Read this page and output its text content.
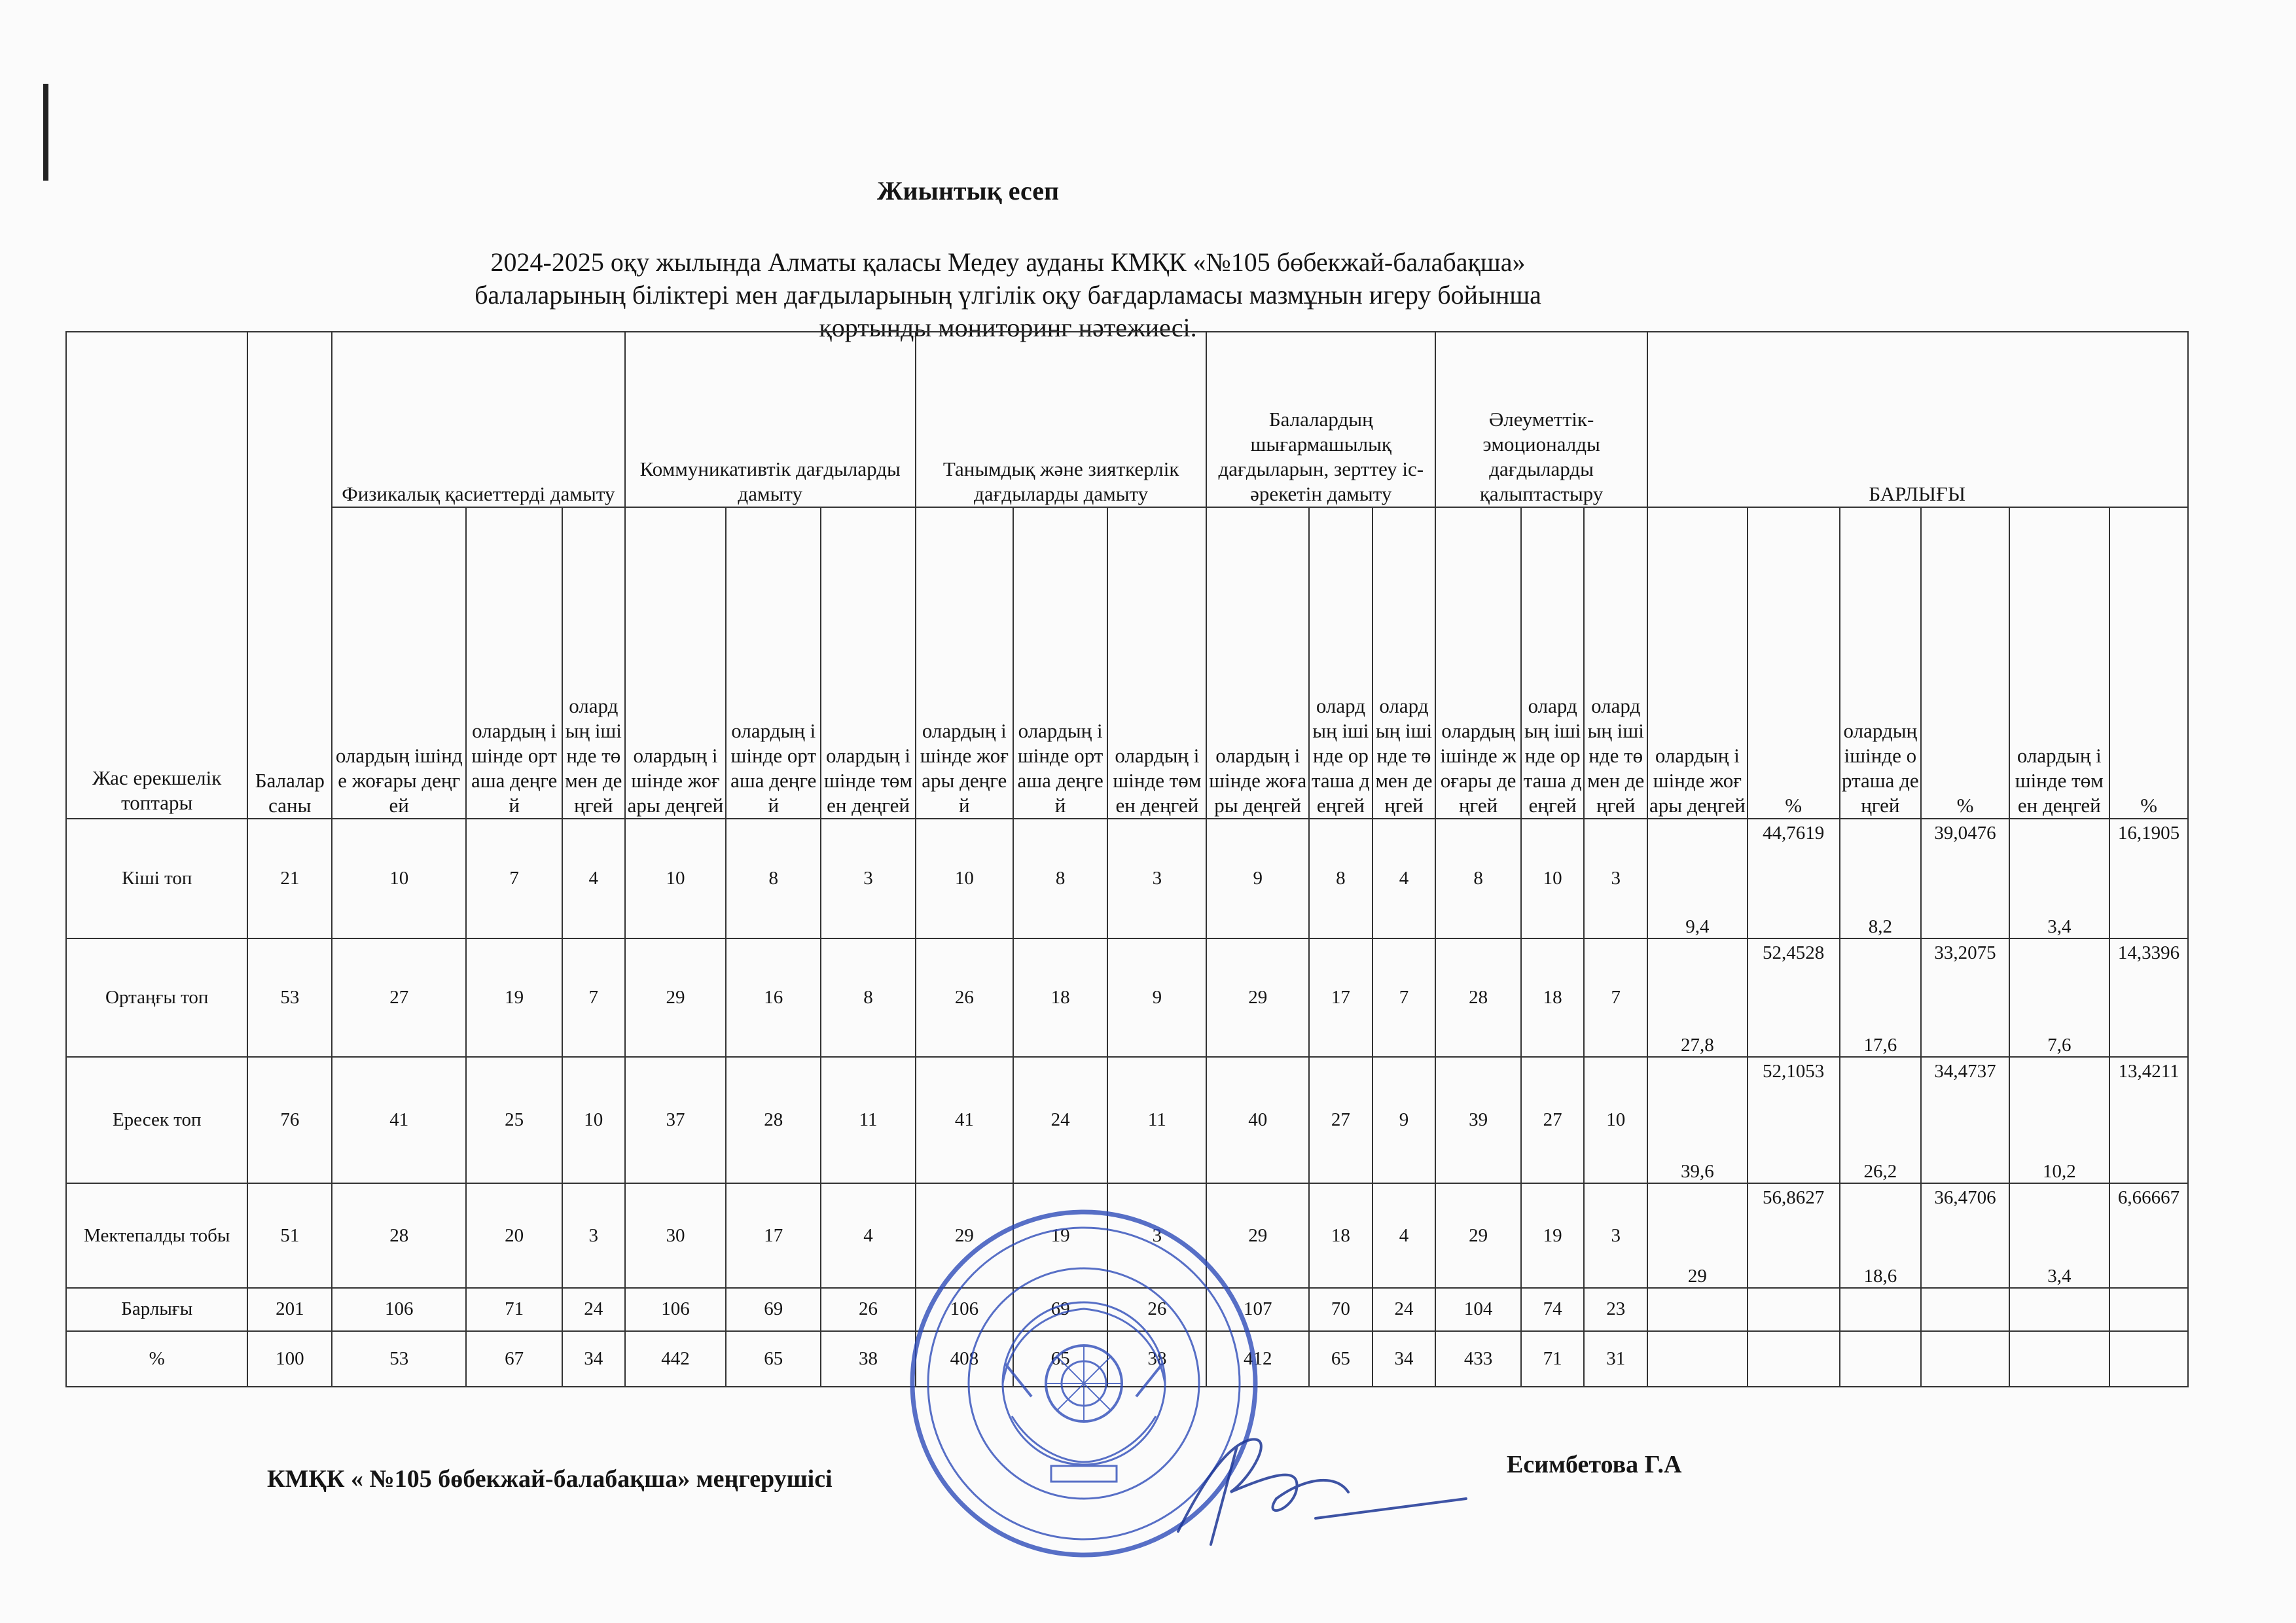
Жиынтық есеп
2024-2025 оқу жылында Алматы қаласы Медеу ауданы КМҚК «№105 бөбекжай-балабақша»
балаларының біліктері мен дағдыларының үлгілік оқу бағдарламасы мазмұнын игеру бойынша
қортынды мониторинг нәтежиесі.
Жас ерекшелік топтары	Балалар саны	Физикалық қасиеттерді дамыту			Коммуникативтік дағдыларды дамыту			Танымдық және зияткерлік дағдыларды дамыту			Балалардың шығармашылық дағдыларын, зерттеу іс-әрекетін дамыту			Әлеуметтік-эмоционалды дағдыларды қалыптастыру			БАРЛЫҒЫ					
		олардың ішінде жоғары деңгей	олардың ішінде орташа деңгей	олардың ішінде төмен деңгей	олардың ішінде жоғары деңгей	олардың ішінде орташа деңгей	олардың ішінде төмен деңгей	олардың ішінде жоғары деңгей	олардың ішінде орташа деңгей	олардың ішінде төмен деңгей	олардың ішінде жоғары деңгей	олардың ішінде орташа деңгей	олардың ішінде төмен деңгей	олардың ішінде жоғары деңгей	олардың ішінде орташа деңгей	олардың ішінде төмен деңгей	олардың ішінде жоғары деңгей	%	олардың ішінде орташа деңгей	%	олардың ішінде төмен деңгей	%
Кіші топ	21	10	7	4	10	8	3	10	8	3	9	8	4	8	10	3	9,4	44,7619	8,2	39,0476	3,4	16,1905
Ортаңғы топ	53	27	19	7	29	16	8	26	18	9	29	17	7	28	18	7	27,8	52,4528	17,6	33,2075	7,6	14,3396
Ересек топ	76	41	25	10	37	28	11	41	24	11	40	27	9	39	27	10	39,6	52,1053	26,2	34,4737	10,2	13,4211
Мектепалды тобы	51	28	20	3	30	17	4	29	19	3	29	18	4	29	19	3	29	56,8627	18,6	36,4706	3,4	6,66667
Барлығы	201	106	71	24	106	69	26	106	69	26	107	70	24	104	74	23						
%	100	53	67	34	442	65	38	408	65	38	412	65	34	433	71	31						
КМҚК « №105 бөбекжай-балабақша» меңгерушісі
Есимбетова Г.А
